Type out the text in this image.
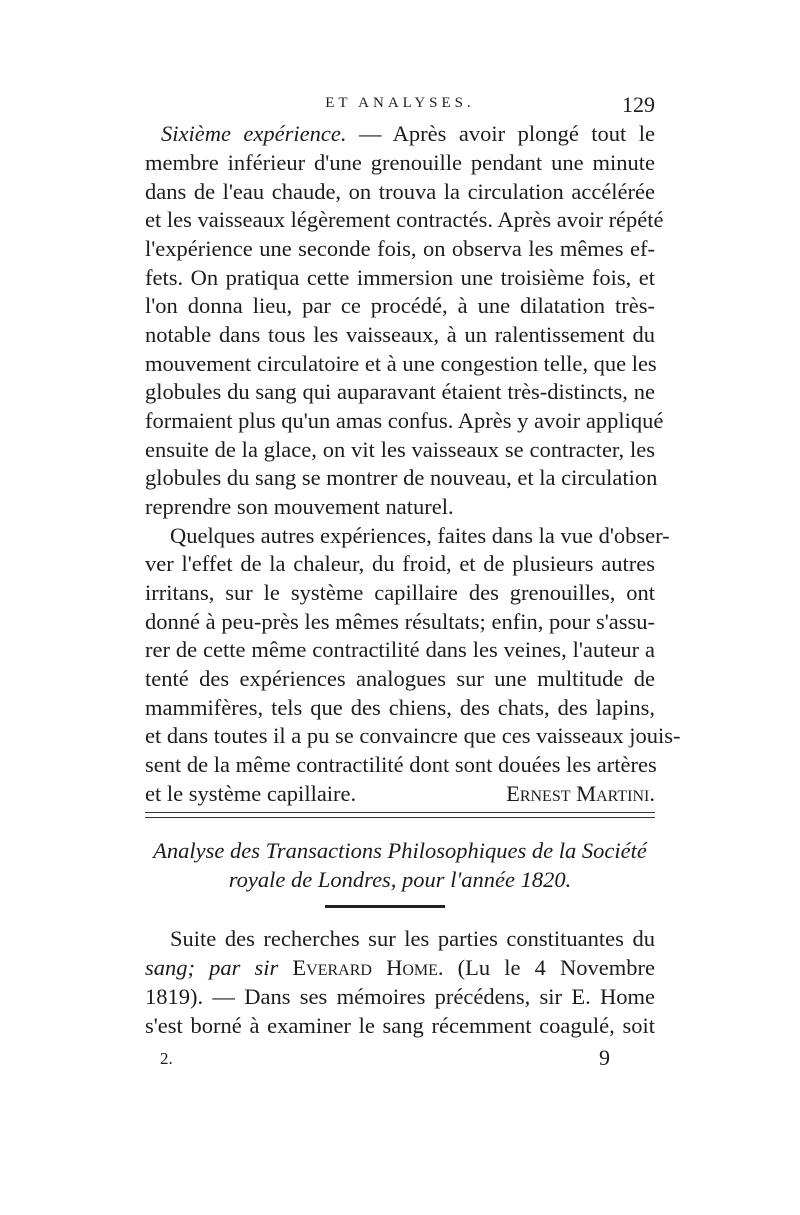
ET ANALYSES.	129
Sixième expérience. — Après avoir plongé tout le
membre inférieur d'une grenouille pendant une minute
dans de l'eau chaude, on trouva la circulation accélérée
et les vaisseaux légèrement contractés. Après avoir répété
l'expérience une seconde fois, on observa les mêmes ef-
fets. On pratiqua cette immersion une troisième fois, et
l'on donna lieu, par ce procédé, à une dilatation très-
notable dans tous les vaisseaux, à un ralentissement du
mouvement circulatoire et à une congestion telle, que les
globules du sang qui auparavant étaient très-distincts, ne
formaient plus qu'un amas confus. Après y avoir appliqué
ensuite de la glace, on vit les vaisseaux se contracter, les
globules du sang se montrer de nouveau, et la circulation
reprendre son mouvement naturel.
Quelques autres expériences, faites dans la vue d'obser-
ver l'effet de la chaleur, du froid, et de plusieurs autres
irritans, sur le système capillaire des grenouilles, ont
donné à peu-près les mêmes résultats; enfin, pour s'assu-
rer de cette même contractilité dans les veines, l'auteur a
tenté des expériences analogues sur une multitude de
mammifères, tels que des chiens, des chats, des lapins,
et dans toutes il a pu se convaincre que ces vaisseaux jouis-
sent de la même contractilité dont sont douées les artères
et le système capillaire.	Ernest Martini.
Analyse des Transactions Philosophiques de la Société
royale de Londres, pour l'année 1820.
Suite des recherches sur les parties constituantes du
sang; par sir Everard Home. (Lu le 4 Novembre
1819). — Dans ses mémoires précédens, sir E. Home
s'est borné à examiner le sang récemment coagulé, soit
2.	9
